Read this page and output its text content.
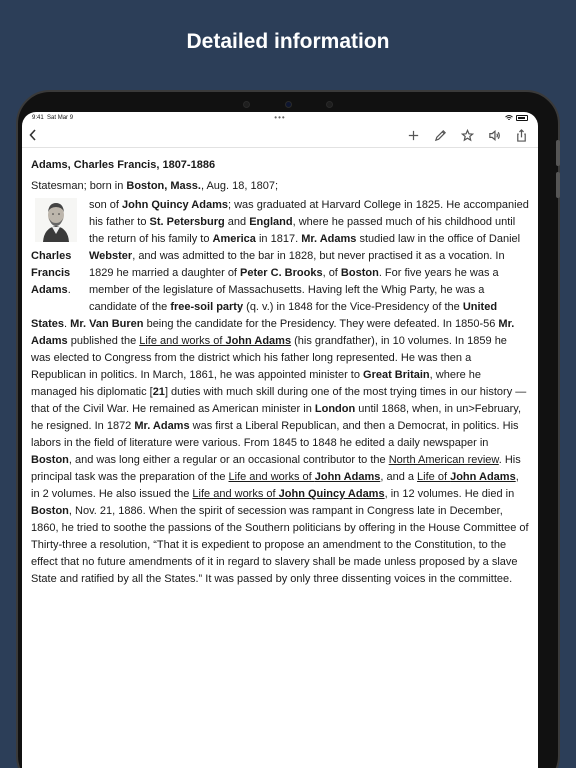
Detailed information
9:41 Sat Mar 9	•••
Adams, Charles Francis, 1807-1886
Statesman; born in Boston, Mass., Aug. 18, 1807;
Charles
Francis
Adams.
son of John Quincy Adams; was graduated at Harvard College in 1825. He accompanied his father to St. Petersburg and England, where he passed much of his childhood until the return of his family to America in 1817. Mr. Adams studied law in the office of Daniel Webster, and was admitted to the bar in 1828, but never practised it as a vocation. In 1829 he married a daughter of Peter C. Brooks, of Boston. For five years he was a member of the legislature of Massachusetts. Having left the Whig Party, he was a candidate of the free-soil party (q. v.) in 1848 for the Vice-Presidency of the United States. Mr. Van Buren being the candidate for the Presidency. They were defeated. In 1850-56 Mr. Adams published the Life and works of John Adams (his grandfather), in 10 volumes. In 1859 he was elected to Congress from the district which his father long represented. He was then a Republican in politics. In March, 1861, he was appointed minister to Great Britain, where he managed his diplomatic [21] duties with much skill during one of the most trying times in our history — that of the Civil War. He remained as American minister in London until 1868, when, in un>February, he resigned. In 1872 Mr. Adams was first a Liberal Republican, and then a Democrat, in politics. His labors in the field of literature were various. From 1845 to 1848 he edited a daily newspaper in Boston, and was long either a regular or an occasional contributor to the North American review. His principal task was the preparation of the Life and works of John Adams, and a Life of John Adams, in 2 volumes. He also issued the Life and works of John Quincy Adams, in 12 volumes. He died in Boston, Nov. 21, 1886. When the spirit of secession was rampant in Congress late in December, 1860, he tried to soothe the passions of the Southern politicians by offering in the House Committee of Thirty-three a resolution, “That it is expedient to propose an amendment to the Constitution, to the effect that no future amendments of it in regard to slavery shall be made unless proposed by a slave State and ratified by all the States.” It was passed by only three dissenting voices in the committee.
